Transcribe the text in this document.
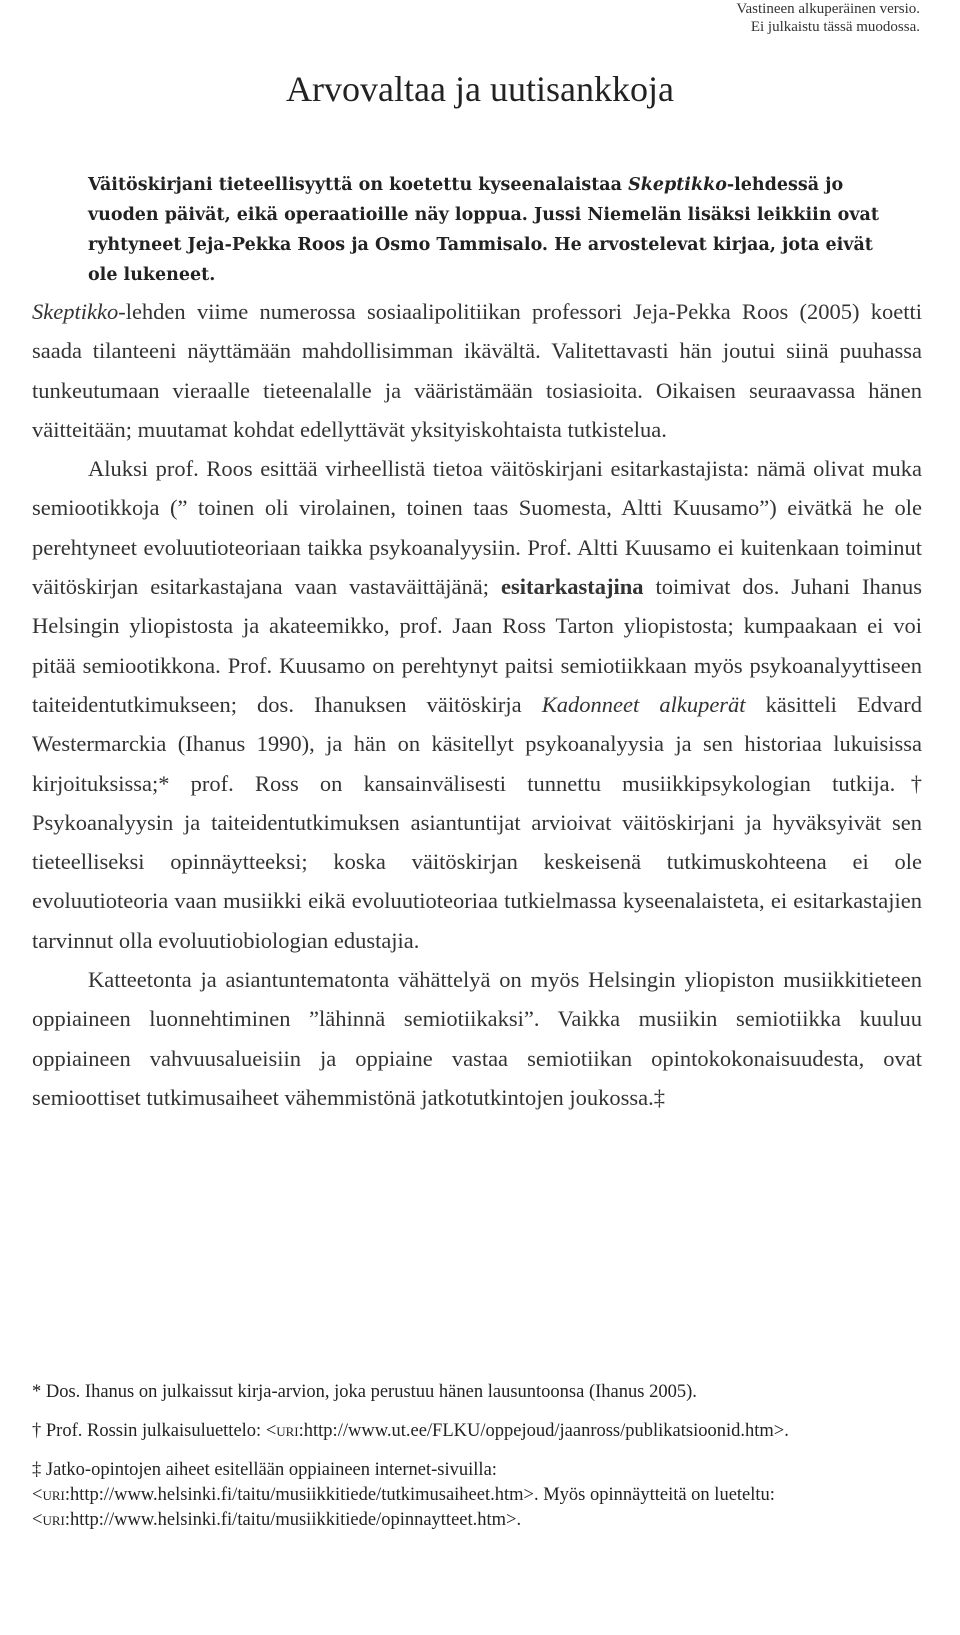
Vastineen alkuperäinen versio.
Ei julkaistu tässä muodossa.
Arvovaltaa ja uutisankkoja
Väitöskirjani tieteellisyyttä on koetettu kyseenalaistaa Skeptikko-lehdessä jo vuoden päivät, eikä operaatioille näy loppua. Jussi Niemelän lisäksi leikkiin ovat ryhtyneet Jeja-Pekka Roos ja Osmo Tammisalo. He arvostelevat kirjaa, jota eivät ole lukeneet.

Skeptikko-lehden viime numerossa sosiaalipolitiikan professori Jeja-Pekka Roos (2005) koetti saada tilanteeni näyttämään mahdollisimman ikävältä. Valitettavasti hän joutui siinä puuhassa tunkeutumaan vieraalle tieteenalalle ja vääristämään tosiasioita. Oikaisen seuraavassa hänen väitteitään; muutamat kohdat edellyttävät yksityiskohtaista tutkistelua.

Aluksi prof. Roos esittää virheellistä tietoa väitöskirjani esitarkastajista: nämä olivat muka semiootikkoja (” toinen oli virolainen, toinen taas Suomesta, Altti Kuusamo”) eivätkä he ole perehtyneet evoluutioteoriaan taikka psykoanalyysiin. Prof. Altti Kuusamo ei kuitenkaan toiminut väitöskirjan esitarkastajana vaan vastaväittäjänä; esitarkastajina toimivat dos. Juhani Ihanus Helsingin yliopistosta ja akateemikko, prof. Jaan Ross Tarton yliopistosta; kumpaakaan ei voi pitää semiootikkona. Prof. Kuusamo on perehtynyt paitsi semiotiikkaan myös psykoanalyyttiseen taiteidentutkimukseen; dos. Ihanuksen väitöskirja Kadonneet alkuperät käsitteli Edvard Westermarckia (Ihanus 1990), ja hän on käsitellyt psykoanalyysia ja sen historiaa lukuisissa kirjoituksissa;* prof. Ross on kansainvälisesti tunnettu musiikkipsykologian tutkija.† Psykoanalyysin ja taiteidentutkimuksen asiantuntijat arvioivat väitöskirjani ja hyväksyivät sen tieteelliseksi opinnäytteeksi; koska väitöskirjan keskeisenä tutkimuskohteena ei ole evoluutioteoria vaan musiikki eikä evoluutioteoriaa tutkielmassa kyseenalaisteta, ei esitarkastajien tarvinnut olla evoluutiobiologian edustajia.

Katteetonta ja asiantuntematonta vähättelyä on myös Helsingin yliopiston musiikkitieteen oppiaineen luonnehtiminen ”lähinnä semiotiikaksi”. Vaikka musiikin semiotiikka kuuluu oppiaineen vahvuusalueisiin ja oppiaine vastaa semiotiikan opintokokonaisuudesta, ovat semioottiset tutkimusaiheet vähemmistönä jatkotutkintojen joukossa.‡

* Dos. Ihanus on julkaissut kirja-arvion, joka perustuu hänen lausuntoonsa (Ihanus 2005).

† Prof. Rossin julkaisuluettelo: <uri:http://www.ut.ee/FLKU/oppejoud/jaanross/publikatsioonid.htm>.

‡ Jatko-opintojen aiheet esitellään oppiaineen internet-sivuilla: <uri:http://www.helsinki.fi/taitu/musiikkitiede/tutkimusaiheet.htm>. Myös opinnäytteitä on lueteltu: <uri:http://www.helsinki.fi/taitu/musiikkitiede/opinnaytteet.htm>.
